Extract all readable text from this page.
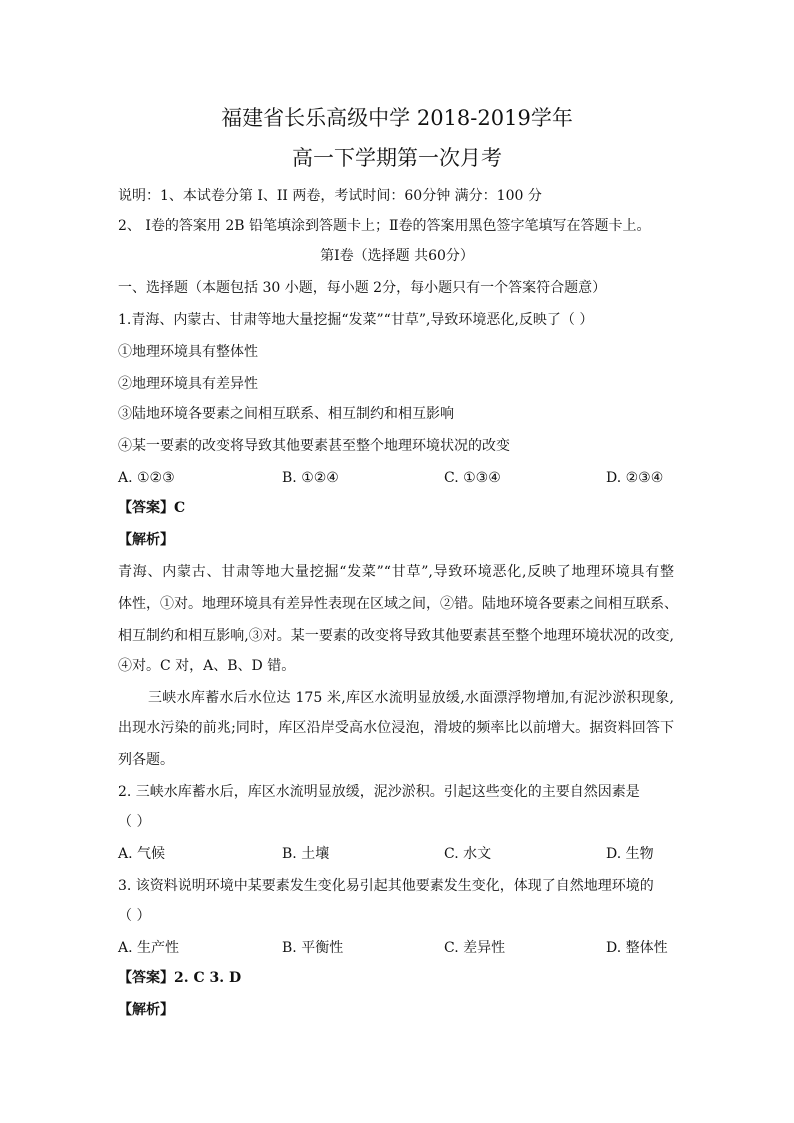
福建省长乐高级中学 2018-2019学年
高一下学期第一次月考
说明：1、本试卷分第 I、II 两卷，考试时间：60分钟 满分：100 分
2、 Ⅰ卷的答案用 2B 铅笔填涂到答题卡上；Ⅱ卷的答案用黑色签字笔填写在答题卡上。
第Ⅰ卷（选择题 共60分）
一、选择题（本题包括 30 小题，每小题 2分，每小题只有一个答案符合题意）
1.青海、内蒙古、甘肃等地大量挖掘“发菜”“甘草”,导致环境恶化,反映了（ ）
①地理环境具有整体性
②地理环境具有差异性
③陆地环境各要素之间相互联系、相互制约和相互影响
④某一要素的改变将导致其他要素甚至整个地理环境状况的改变
A. ①②③	B. ①②④	C. ①③④	D. ②③④
【答案】C
【解析】
青海、内蒙古、甘肃等地大量挖掘“发菜”“甘草”,导致环境恶化,反映了地理环境具有整
体性，①对。地理环境具有差异性表现在区域之间，②错。陆地环境各要素之间相互联系、
相互制约和相互影响,③对。某一要素的改变将导致其他要素甚至整个地理环境状况的改变,
④对。C 对，A、B、D 错。
三峡水库蓄水后水位达 175 米,库区水流明显放缓,水面漂浮物增加,有泥沙淤积现象,
出现水污染的前兆;同时，库区沿岸受高水位浸泡，滑坡的频率比以前增大。据资料回答下
列各题。
2. 三峡水库蓄水后，库区水流明显放缓，泥沙淤积。引起这些变化的主要自然因素是
（ ）
A. 气候	B. 土壤	C. 水文	D. 生物
3. 该资料说明环境中某要素发生变化易引起其他要素发生变化，体现了自然地理环境的
（ ）
A. 生产性	B. 平衡性	C. 差异性	D. 整体性
【答案】2. C 3. D
【解析】
